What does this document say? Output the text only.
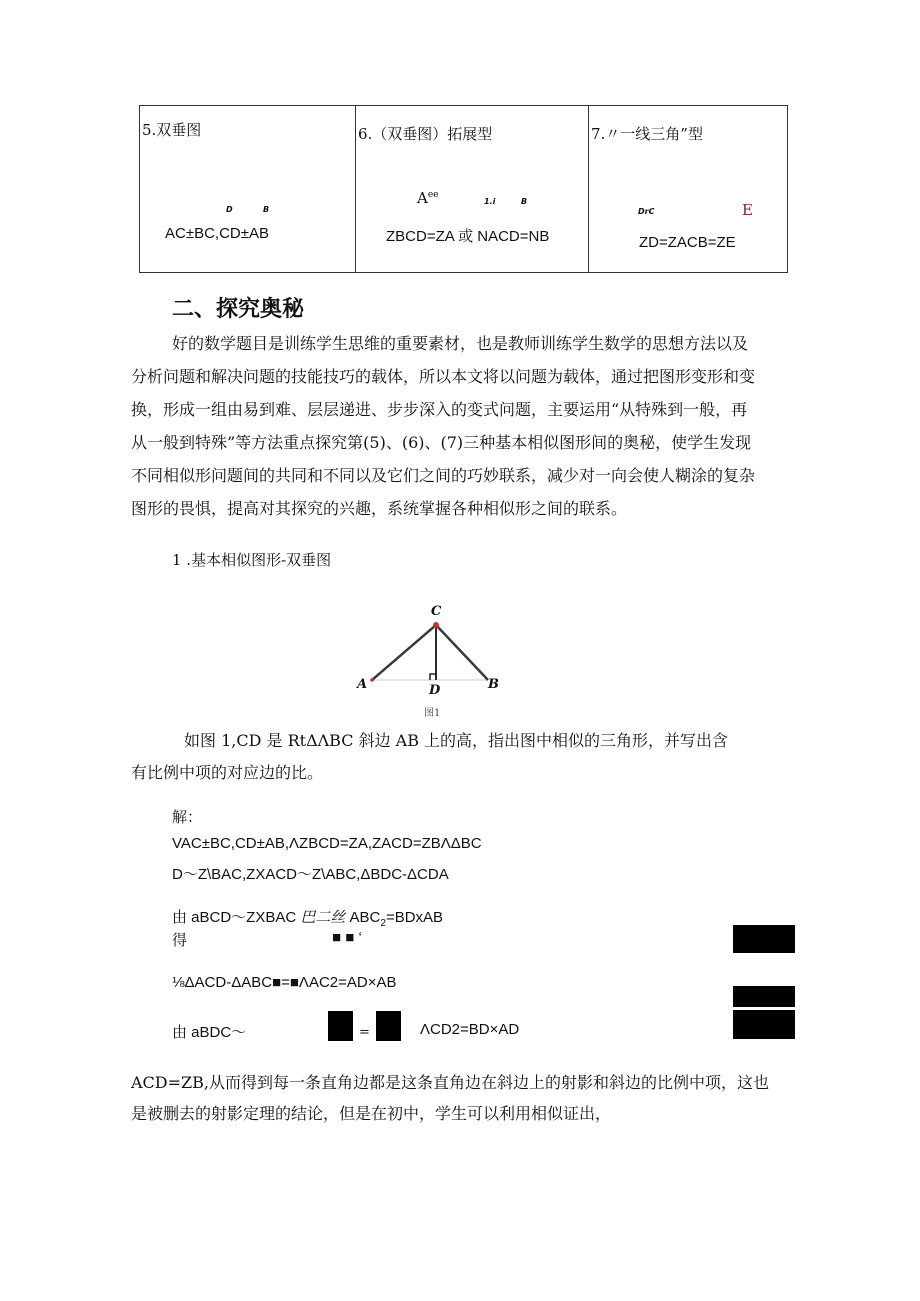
5.双垂图
D	B
AC±BC,CD±AB
6.（双垂图）拓展型
$A^{ee}$
1.i	B
ZBCD=ZA 或 NACD=NB
7.〃一线三角”型
DrC	E
ZD=ZACB=ZE
二、探究奥秘
好的数学题目是训练学生思维的重要素材，也是教师训练学生数学的思想方法以及
分析问题和解决问题的技能技巧的载体，所以本文将以问题为载体，通过把图形变形和变
换，形成一组由易到难、层层递进、步步深入的变式问题，主要运用“从特殊到一般，再
从一般到特殊”等方法重点探究第(5)、(6)、(7)三种基本相似图形间的奥秘，使学生发现
不同相似形问题间的共同和不同以及它们之间的巧妙联系，减少对一向会使人糊涂的复杂
图形的畏惧，提高对其探究的兴趣，系统掌握各种相似形之间的联系。
1 .基本相似图形-双垂图
C
A	D	B
图1
如图 1,CD 是 RtΔΛBC 斜边 AB 上的高，指出图中相似的三角形，并写出含
有比例中项的对应边的比。
解：
VAC±BC,CD±AB,ΛZBCD=ZA,ZACD=ZBΛΔBC
D～Z\BAC,ZXACD～Z\ABC,ΔBDC-ΔCDA
由 aBCD～ZXBAC 巴二丝 $ABC_2=BDxAB$
得	■ ■ ‘
⅛ΔACD-ΔABC■=■ΛAC2=AD×AB
由 aBDC～	=	ΛCD2=BD×AD
ACD=ZB,从而得到每一条直角边都是这条直角边在斜边上的射影和斜边的比例中项，这也
是被删去的射影定理的结论，但是在初中，学生可以利用相似证出，
